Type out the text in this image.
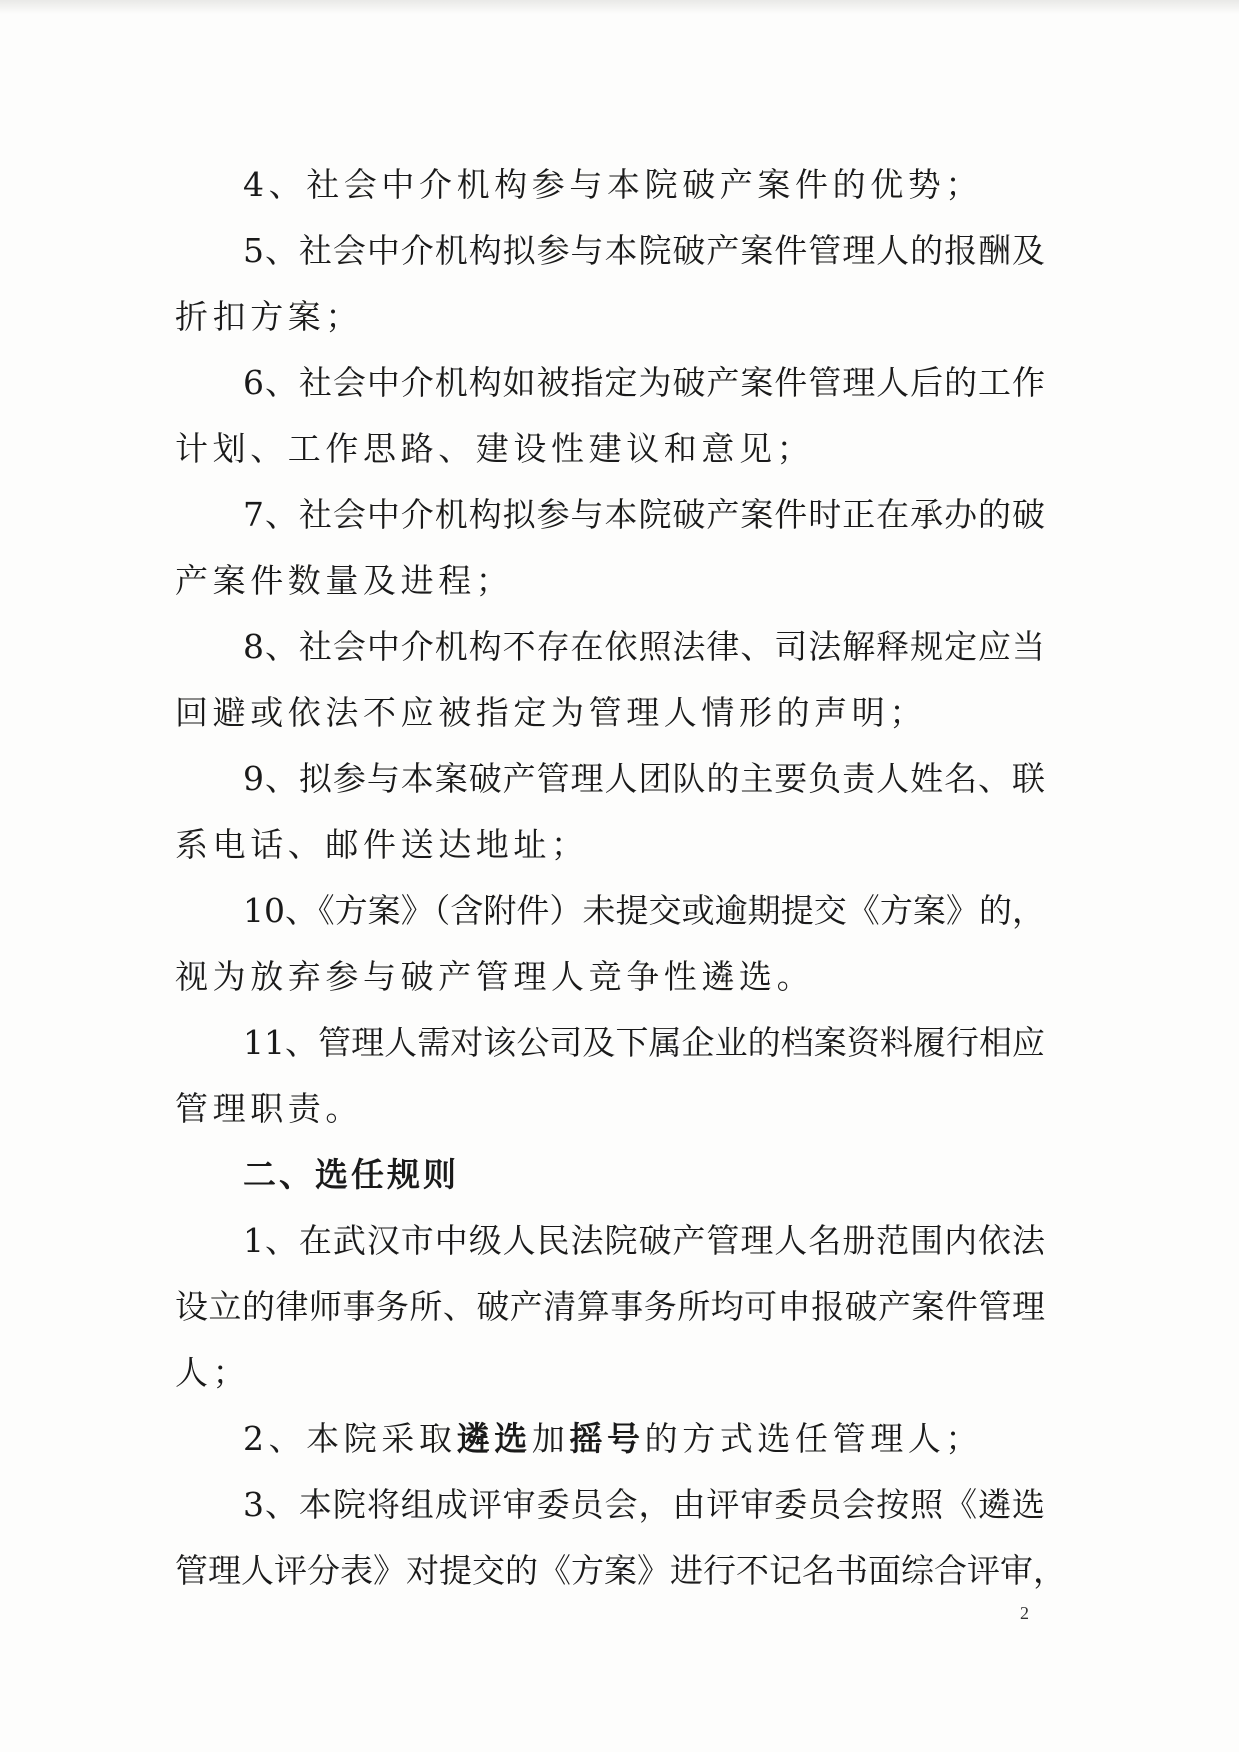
4、社会中介机构参与本院破产案件的优势；
5、社会中介机构拟参与本院破产案件管理人的报酬及
折扣方案；
6、社会中介机构如被指定为破产案件管理人后的工作
计划、工作思路、建设性建议和意见；
7、社会中介机构拟参与本院破产案件时正在承办的破
产案件数量及进程；
8、社会中介机构不存在依照法律、司法解释规定应当
回避或依法不应被指定为管理人情形的声明；
9、拟参与本案破产管理人团队的主要负责人姓名、联
系电话、邮件送达地址；
10、《方案》（含附件）未提交或逾期提交《方案》的，
视为放弃参与破产管理人竞争性遴选。
11、管理人需对该公司及下属企业的档案资料履行相应
管理职责。
二、选任规则
1、在武汉市中级人民法院破产管理人名册范围内依法
设立的律师事务所、破产清算事务所均可申报破产案件管理
人；
2、本院采取遴选加摇号的方式选任管理人；
3、本院将组成评审委员会，由评审委员会按照《遴选
管理人评分表》对提交的《方案》进行不记名书面综合评审，
2
